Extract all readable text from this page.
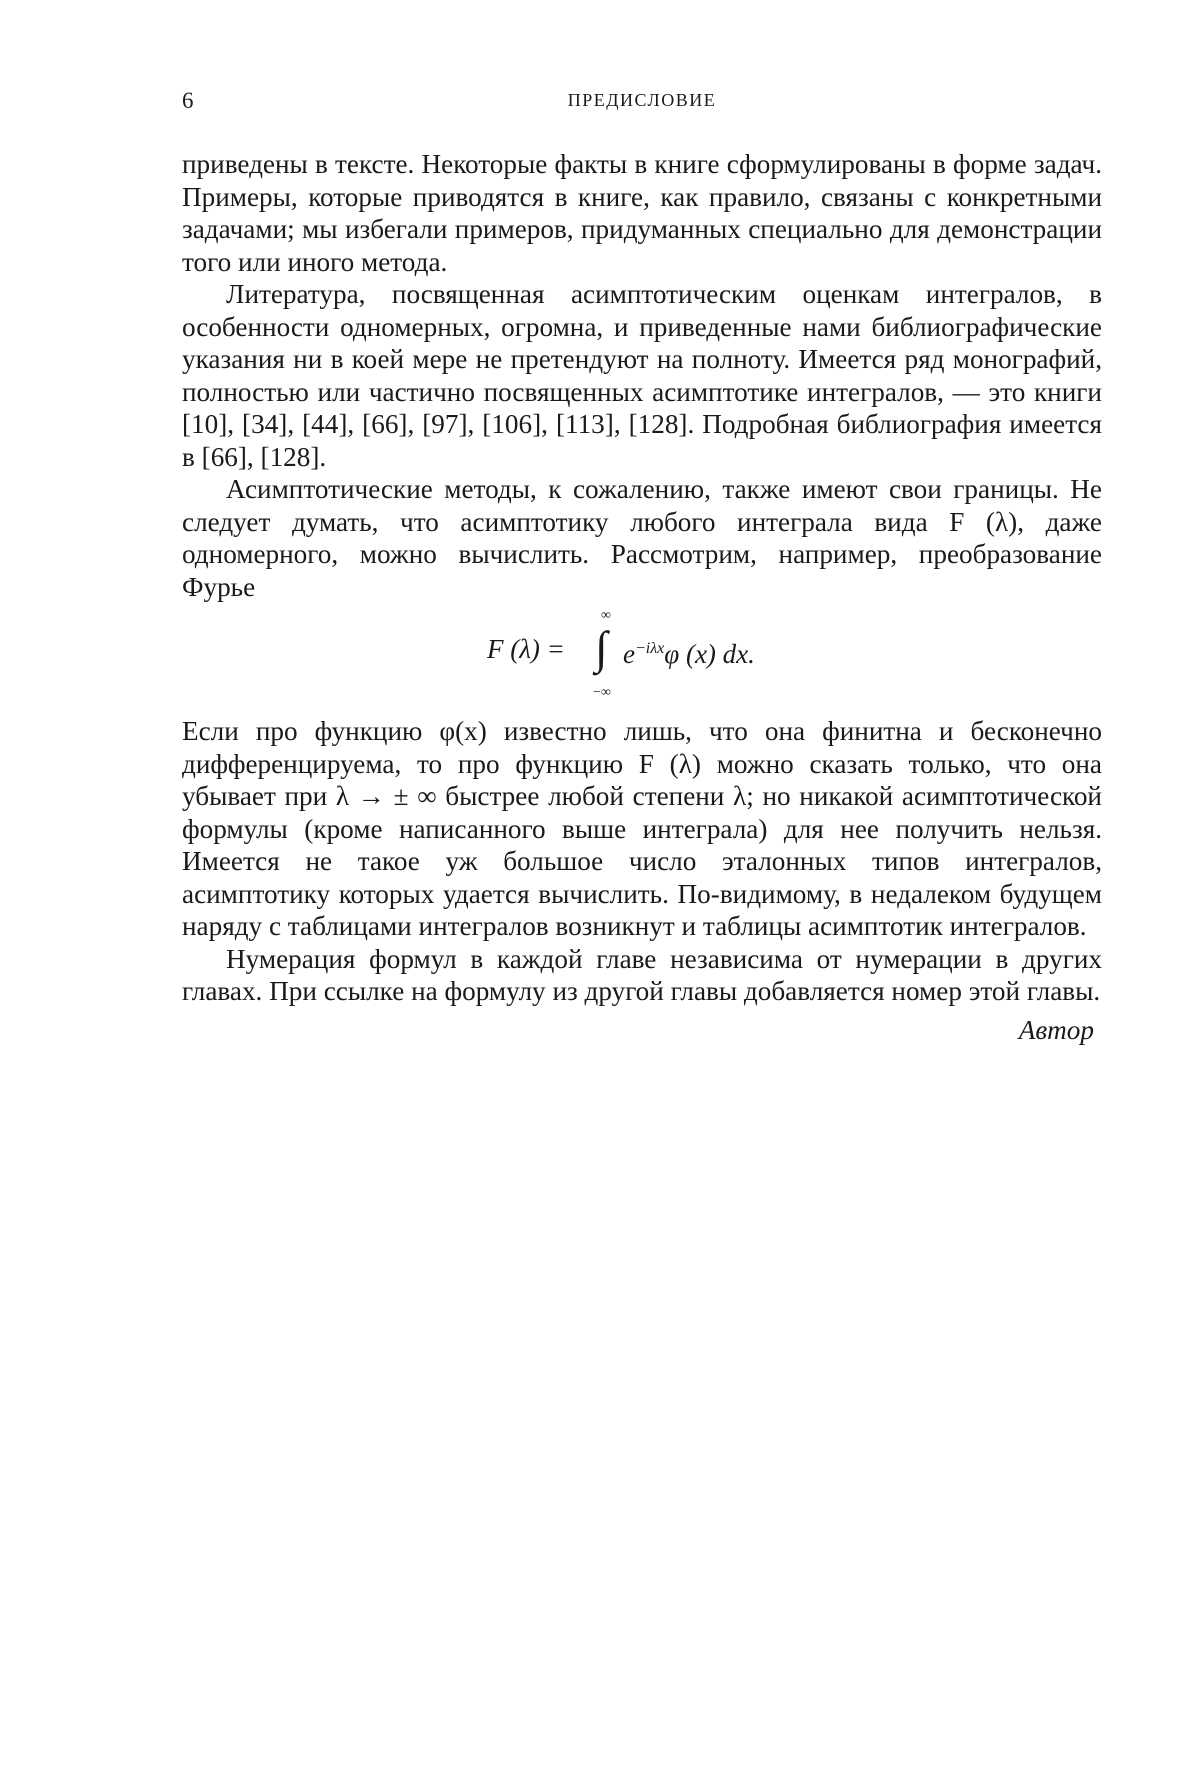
6	ПРЕДИСЛОВИЕ

приведены в тексте. Некоторые факты в книге сформулированы в форме задач. Примеры, которые приводятся в книге, как правило, связаны с конкретными задачами; мы избегали примеров, придуманных специально для демонстрации того или иного метода.

Литература, посвященная асимптотическим оценкам интегралов, в особенности одномерных, огромна, и приведенные нами библиографические указания ни в коей мере не претендуют на полноту. Имеется ряд монографий, полностью или частично посвященных асимптотике интегралов, — это книги [10], [34], [44], [66], [97], [106], [113], [128]. Подробная библиография имеется в [66], [128].

Асимптотические методы, к сожалению, также имеют свои границы. Не следует думать, что асимптотику любого интеграла вида F (λ), даже одномерного, можно вычислить. Рассмотрим, например, преобразование Фурье

F (λ) =
∞
∫
−∞
$e^{-i\lambda x}\varphi$ (x) dx.

Если про функцию φ(x) известно лишь, что она финитна и бесконечно дифференцируема, то про функцию F (λ) можно сказать только, что она убывает при λ → ± ∞ быстрее любой степени λ; но никакой асимптотической формулы (кроме написанного выше интеграла) для нее получить нельзя. Имеется не такое уж большое число эталонных типов интегралов, асимптотику которых удается вычислить. По-видимому, в недалеком будущем наряду с таблицами интегралов возникнут и таблицы асимптотик интегралов.

Нумерация формул в каждой главе независима от нумерации в других главах. При ссылке на формулу из другой главы добавляется номер этой главы.

Автор
